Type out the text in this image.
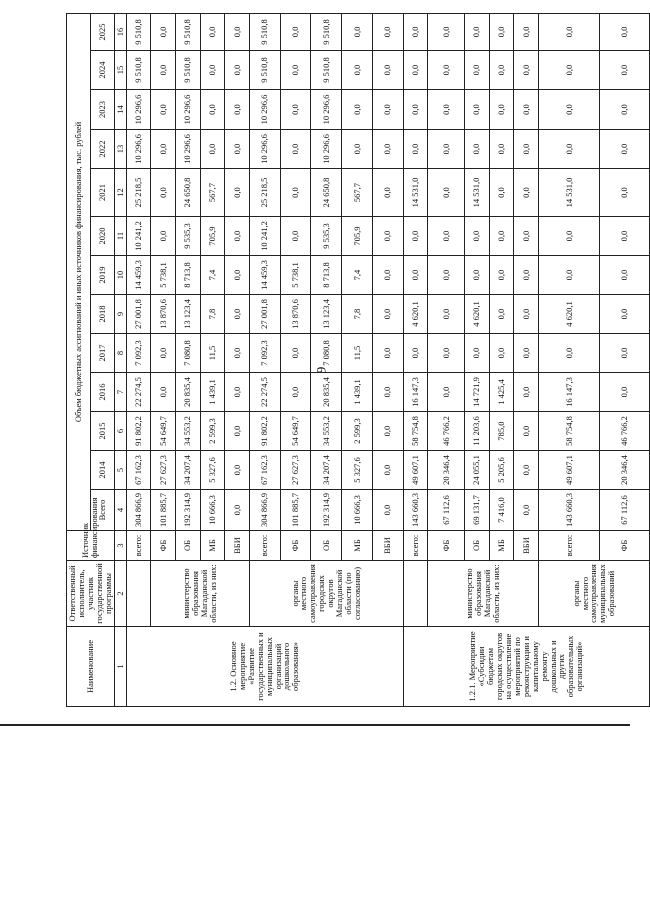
9
Наименование	Ответственный исполнитель, участник государственной программы	Источник финансирования	Объем бюджетных ассигнований и иных источников финансирования, тыс. рублей												
			Всего	2014	2015	2016	2017	2018	2019	2020	2021	2022	2023	2024	2025
1	2	3	4	5	6	7	8	9	10	11	12	13	14	15	16
1.2. Основное мероприятие «Развитие государственных и муниципальных организаций дошкольного образования»		всего:	304 866,9	67 162,3	91 802,2	22 274,5	7 092,3	27 001,8	14 459,3	10 241,2	25 218,5	10 296,6	10 296,6	9 510,8	9 510,8
	министерство образования Магаданской области, из них:	ФБ	101 885,7	27 627,3	54 649,7	0,0	0,0	13 870,6	5 738,1	0,0	0,0	0,0	0,0	0,0	0,0
		ОБ	192 314,9	34 207,4	34 553,2	20 835,4	7 080,8	13 123,4	8 713,8	9 535,3	24 650,8	10 296,6	10 296,6	9 510,8	9 510,8
		МБ	10 666,3	5 327,6	2 599,3	1 439,1	11,5	7,8	7,4	705,9	567,7	0,0	0,0	0,0	0,0
		ВБИ	0,0	0,0	0,0	0,0	0,0	0,0	0,0	0,0	0,0	0,0	0,0	0,0	0,0
	органы местного самоуправления городских округов Магаданской области (по согласованию)	всего:	304 866,9	67 162,3	91 802,2	22 274,5	7 092,3	27 001,8	14 459,3	10 241,2	25 218,5	10 296,6	10 296,6	9 510,8	9 510,8
		ФБ	101 885,7	27 627,3	54 649,7	0,0	0,0	13 870,6	5 738,1	0,0	0,0	0,0	0,0	0,0	0,0
		ОБ	192 314,9	34 207,4	34 553,2	20 835,4	7 080,8	13 123,4	8 713,8	9 535,3	24 650,8	10 296,6	10 296,6	9 510,8	9 510,8
		МБ	10 666,3	5 327,6	2 599,3	1 439,1	11,5	7,8	7,4	705,9	567,7	0,0	0,0	0,0	0,0
		ВБИ	0,0	0,0	0,0	0,0	0,0	0,0	0,0	0,0	0,0	0,0	0,0	0,0	0,0
1.2.1. Мероприятие «Субсидии бюджетам городских округов на осуществление мероприятий по реконструкции и капитальному ремонту дошкольных и других образовательных организаций»		всего:	143 660,3	49 607,1	58 754,8	16 147,3	0,0	4 620,1	0,0	0,0	14 531,0	0,0	0,0	0,0	0,0
	министерство образования Магаданской области, из них:	ФБ	67 112,6	20 346,4	46 766,2	0,0	0,0	0,0	0,0	0,0	0,0	0,0	0,0	0,0	0,0
		ОБ	69 131,7	24 055,1	11 203,6	14 721,9	0,0	4 620,1	0,0	0,0	14 531,0	0,0	0,0	0,0	0,0
		МБ	7 416,0	5 205,6	785,0	1 425,4	0,0	0,0	0,0	0,0	0,0	0,0	0,0	0,0	0,0
		ВБИ	0,0	0,0	0,0	0,0	0,0	0,0	0,0	0,0	0,0	0,0	0,0	0,0	0,0
	органы местного самоуправления муниципальных образований	всего:	143 660,3	49 607,1	58 754,8	16 147,3	0,0	4 620,1	0,0	0,0	14 531,0	0,0	0,0	0,0	0,0
		ФБ	67 112,6	20 346,4	46 766,2	0,0	0,0	0,0	0,0	0,0	0,0	0,0	0,0	0,0	0,0
